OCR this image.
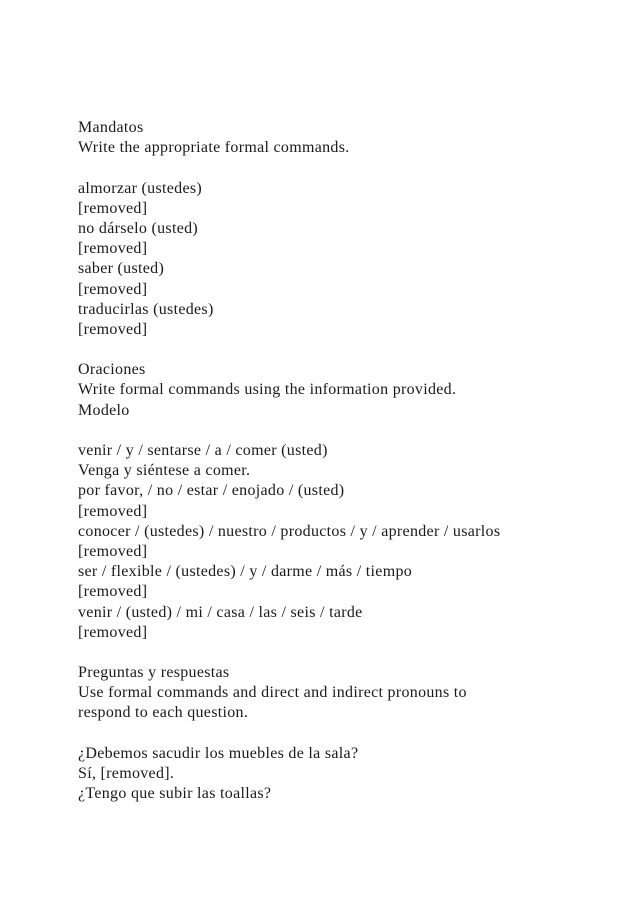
Mandatos
Write the appropriate formal commands.
almorzar (ustedes)
[removed]
no dárselo (usted)
[removed]
saber (usted)
[removed]
traducirlas (ustedes)
[removed]
Oraciones
Write formal commands using the information provided.
Modelo
venir / y / sentarse / a / comer (usted)
Venga y siéntese a comer.
por favor, / no / estar / enojado / (usted)
[removed]
conocer / (ustedes) / nuestro / productos / y / aprender / usarlos
[removed]
ser / flexible / (ustedes) / y / darme / más / tiempo
[removed]
venir / (usted) / mi / casa / las / seis / tarde
[removed]
Preguntas y respuestas
Use formal commands and direct and indirect pronouns to
respond to each question.
¿Debemos sacudir los muebles de la sala?
Sí, [removed].
¿Tengo que subir las toallas?
